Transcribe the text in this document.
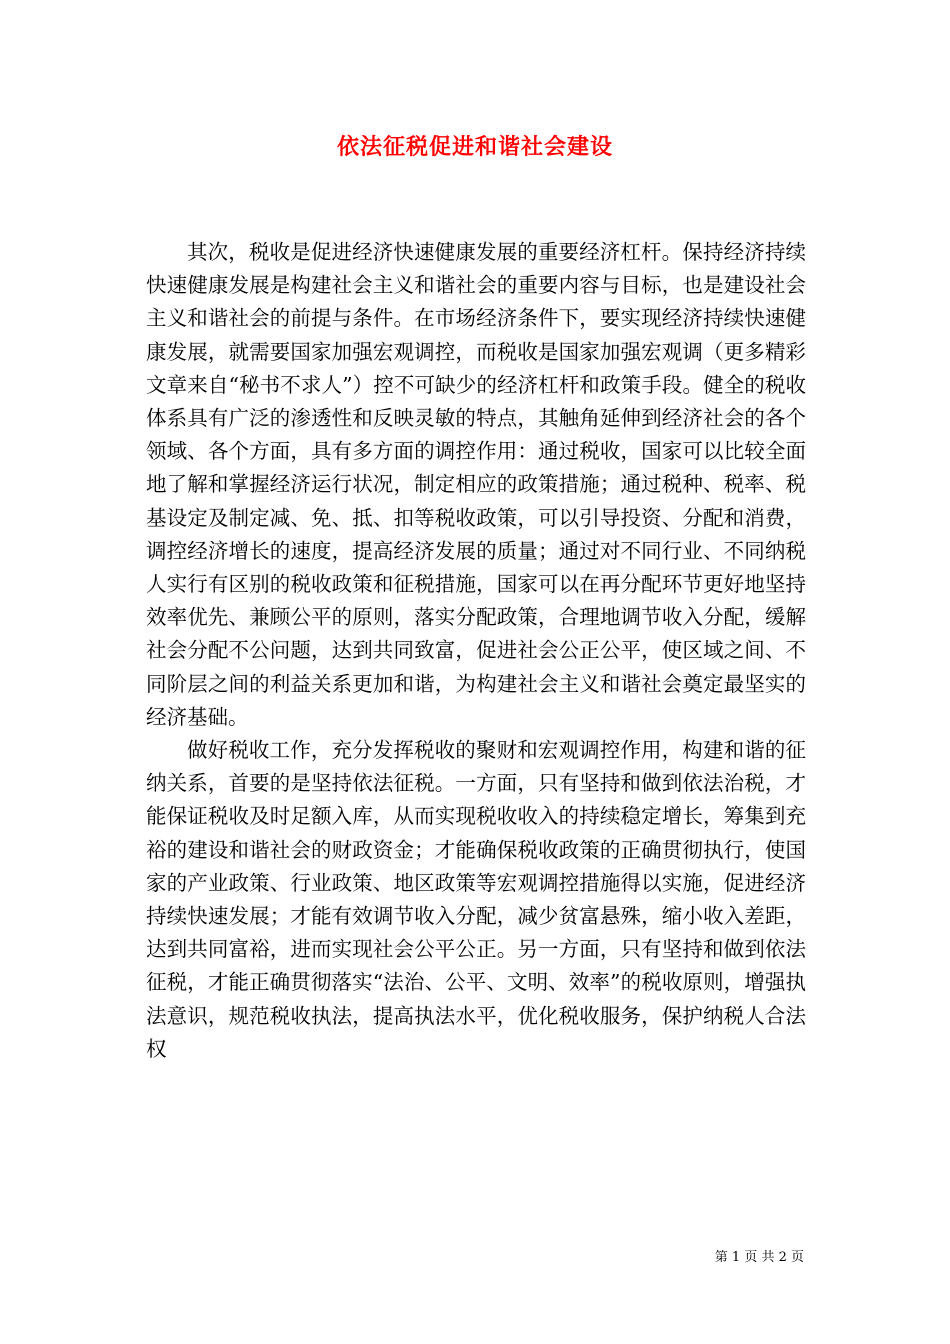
依法征税促进和谐社会建设

其次，税收是促进经济快速健康发展的重要经济杠杆。保持经济持续快速健康发展是构建社会主义和谐社会的重要内容与目标，也是建设社会主义和谐社会的前提与条件。在市场经济条件下，要实现经济持续快速健康发展，就需要国家加强宏观调控，而税收是国家加强宏观调（更多精彩文章来自“秘书不求人”）控不可缺少的经济杠杆和政策手段。健全的税收体系具有广泛的渗透性和反映灵敏的特点，其触角延伸到经济社会的各个领域、各个方面，具有多方面的调控作用：通过税收，国家可以比较全面地了解和掌握经济运行状况，制定相应的政策措施；通过税种、税率、税基设定及制定减、免、抵、扣等税收政策，可以引导投资、分配和消费，调控经济增长的速度，提高经济发展的质量；通过对不同行业、不同纳税人实行有区别的税收政策和征税措施，国家可以在再分配环节更好地坚持效率优先、兼顾公平的原则，落实分配政策，合理地调节收入分配，缓解社会分配不公问题，达到共同致富，促进社会公正公平，使区域之间、不同阶层之间的利益关系更加和谐，为构建社会主义和谐社会奠定最坚实的经济基础。

做好税收工作，充分发挥税收的聚财和宏观调控作用，构建和谐的征纳关系，首要的是坚持依法征税。一方面，只有坚持和做到依法治税，才能保证税收及时足额入库，从而实现税收收入的持续稳定增长，筹集到充裕的建设和谐社会的财政资金；才能确保税收政策的正确贯彻执行，使国家的产业政策、行业政策、地区政策等宏观调控措施得以实施，促进经济持续快速发展；才能有效调节收入分配，减少贫富悬殊，缩小收入差距，达到共同富裕，进而实现社会公平公正。另一方面，只有坚持和做到依法征税，才能正确贯彻落实“法治、公平、文明、效率”的税收原则，增强执法意识，规范税收执法，提高执法水平，优化税收服务，保护纳税人合法权

第 1 页 共 2 页
